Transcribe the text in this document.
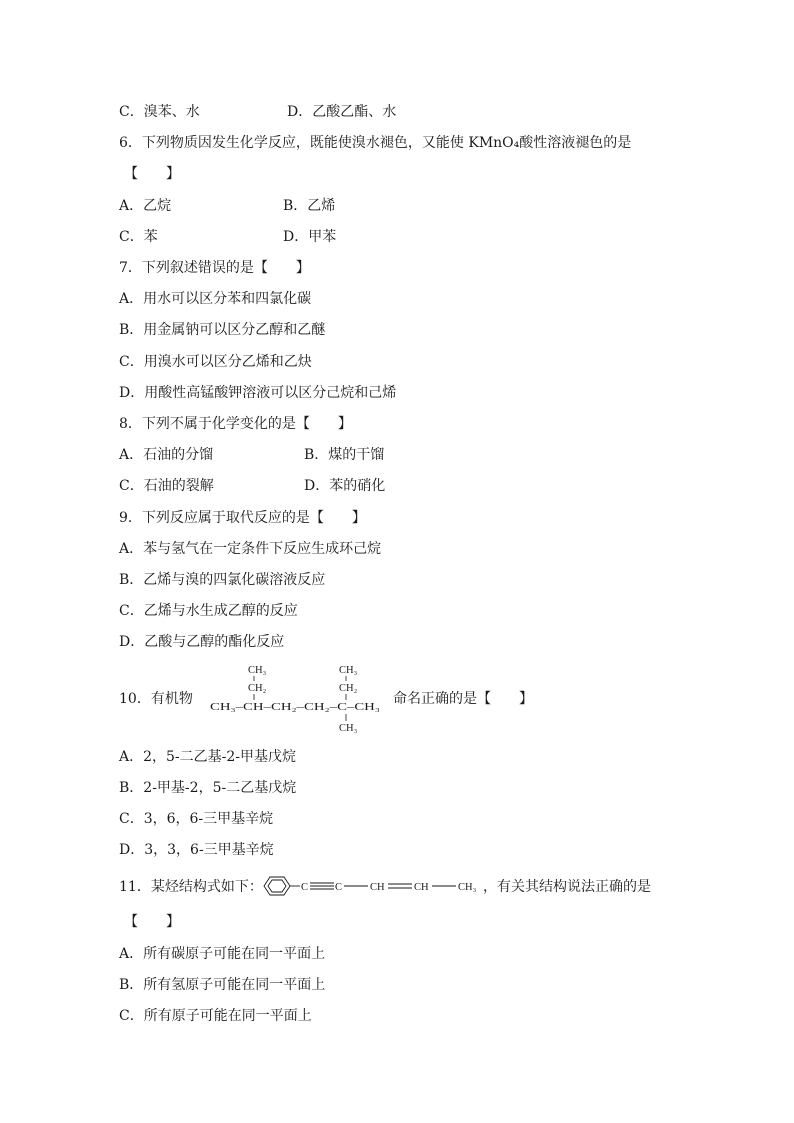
C．溴苯、水	D．乙酸乙酯、水
6．下列物质因发生化学反应，既能使溴水褪色，又能使 KMnO₄酸性溶液褪色的是
【　　】
A．乙烷	B．乙烯
C．苯	D．甲苯
7．下列叙述错误的是【　　】
A．用水可以区分苯和四氯化碳
B．用金属钠可以区分乙醇和乙醚
C．用溴水可以区分乙烯和乙炔
D．用酸性高锰酸钾溶液可以区分己烷和己烯
8．下列不属于化学变化的是【　　】
A．石油的分馏	B．煤的干馏
C．石油的裂解	D．苯的硝化
9．下列反应属于取代反应的是【　　】
A．苯与氢气在一定条件下反应生成环己烷
B．乙烯与溴的四氯化碳溶液反应
C．乙烯与水生成乙醇的反应
D．乙酸与乙醇的酯化反应
10．有机物
CH₃
CH₂
CH₃
CH₂
CH₃–CH–CH₂–CH₂–C–CH₃
CH₃
命名正确的是【　　】
A．2，5-二乙基-2-甲基戊烷
B．2-甲基-2，5-二乙基戊烷
C．3，6，6-三甲基辛烷
D．3，3，6-三甲基辛烷
11．某烃结构式如下：	C	C	CH	CH	CH₃ ，有关其结构说法正确的是
【　　】
A．所有碳原子可能在同一平面上
B．所有氢原子可能在同一平面上
C．所有原子可能在同一平面上
